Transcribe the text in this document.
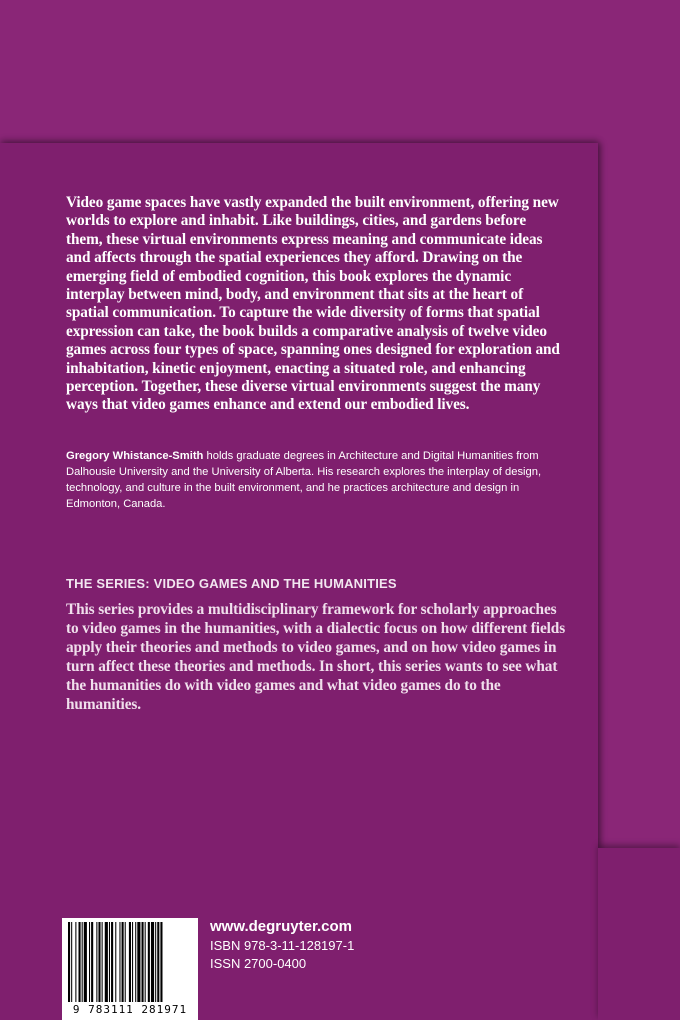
Video game spaces have vastly expanded the built environment, offering new worlds to explore and inhabit. Like buildings, cities, and gardens before them, these virtual environments express meaning and communicate ideas and affects through the spatial experiences they afford. Drawing on the emerging field of embodied cognition, this book explores the dynamic interplay between mind, body, and environment that sits at the heart of spatial communication. To capture the wide diversity of forms that spatial expression can take, the book builds a comparative analysis of twelve video games across four types of space, spanning ones designed for exploration and inhabitation, kinetic enjoyment, enacting a situated role, and enhancing perception. Together, these diverse virtual environments suggest the many ways that video games enhance and extend our embodied lives.

Gregory Whistance-Smith holds graduate degrees in Architecture and Digital Humanities from Dalhousie University and the University of Alberta. His research explores the interplay of design, technology, and culture in the built environment, and he practices architecture and design in Edmonton, Canada.

THE SERIES: VIDEO GAMES AND THE HUMANITIES

This series provides a multidisciplinary framework for scholarly approaches to video games in the humanities, with a dialectic focus on how different fields apply their theories and methods to video games, and on how video games in turn affect these theories and methods. In short, this series wants to see what the humanities do with video games and what video games do to the humanities.

9 783111 281971

www.degruyter.com

ISBN 978-3-11-128197-1

ISSN 2700-0400
